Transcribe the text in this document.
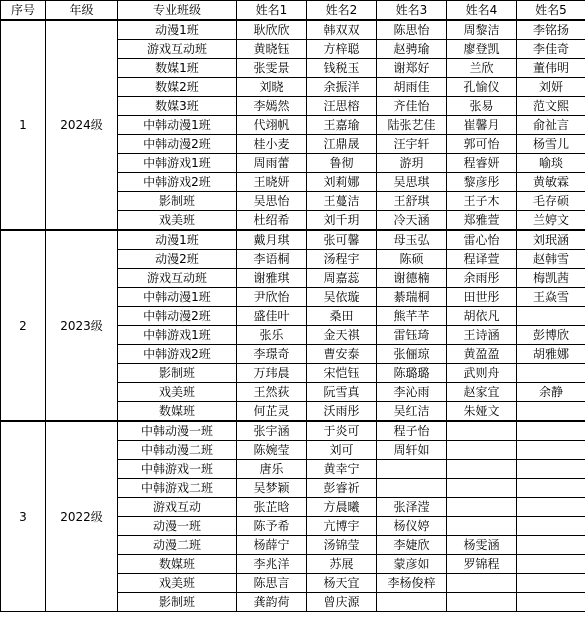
序号	年级	专业班级	姓名1	姓名2	姓名3	姓名4	姓名5
1	2024级	动漫1班	耿欣欣	韩双双	陈思怡	周黎洁	李铭扬
		游戏互动班	黄晓钰	方梓聪	赵骋瑜	廖登凯	李佳奇
		数媒1班	张雯景	钱税玉	谢郑好	兰欣	董伟明
		数媒2班	刘晓	余振洋	胡雨佳	孔愉仪	刘妍
		数媒3班	李嫣然	汪思榕	齐佳怡	张易	范文熙
		中韩动漫1班	代翊帆	王嘉瑜	陆张艺佳	崔馨月	俞祉言
		中韩动漫2班	桂小麦	江鼎晟	汪宇轩	郭可怡	杨雪儿
		中韩游戏1班	周雨蕾	鲁彻	游玥	程睿妍	喻琰
		中韩游戏2班	王晓妍	刘莉娜	吴思琪	黎彦彤	黄敏霖
		影制班	吴思怡	王蔓洁	王舒琪	王子木	毛存硕
		戏美班	杜绍希	刘千玥	冷天涵	郑雅萱	兰婷文
2	2023级	动漫1班	戴月琪	张可馨	母玉弘	雷心怡	刘珉涵
		动漫2班	李语桐	汤程宇	陈硕	程译萱	赵韩雪
		游戏互动班	谢雅琪	周嘉蕊	谢德楠	余雨彤	梅凯茜
		中韩动漫1班	尹欣怡	吴依璇	綦瑞桐	田世彤	王焱雪
		中韩动漫2班	盛佳叶	桑田	熊芊芊	胡依凡	
		中韩游戏1班	张乐	金天祺	雷钰琦	王诗涵	彭博欣
		中韩游戏2班	李璟奇	曹安泰	张俪琼	黄盈盈	胡雅娜
		影制班	万玮晨	宋恺钰	陈璐璐	武则舟	
		戏美班	王然荻	阮雪真	李沁雨	赵家宜	余静
		数媒班	何芷灵	沃雨彤	吴红洁	朱娅文	
3	2022级	中韩动漫一班	张宇涵	于炎可	程子怡		
		中韩动漫二班	陈婉莹	刘可	周轩如		
		中韩游戏一班	唐乐	黄幸宁			
		中韩游戏二班	吴梦颖	彭睿祈			
		游戏互动	张芷晗	方晨曦	张泽滢		
		动漫一班	陈予希	亢博宇	杨仪婷		
		动漫二班	杨薛宁	汤锦莹	李婕欣	杨雯涵	
		数媒班	李兆洋	苏展	蒙彦如	罗锦程	
		戏美班	陈思言	杨天宜	李杨俊梓		
		影制班	龚韵荷	曾庆源			
